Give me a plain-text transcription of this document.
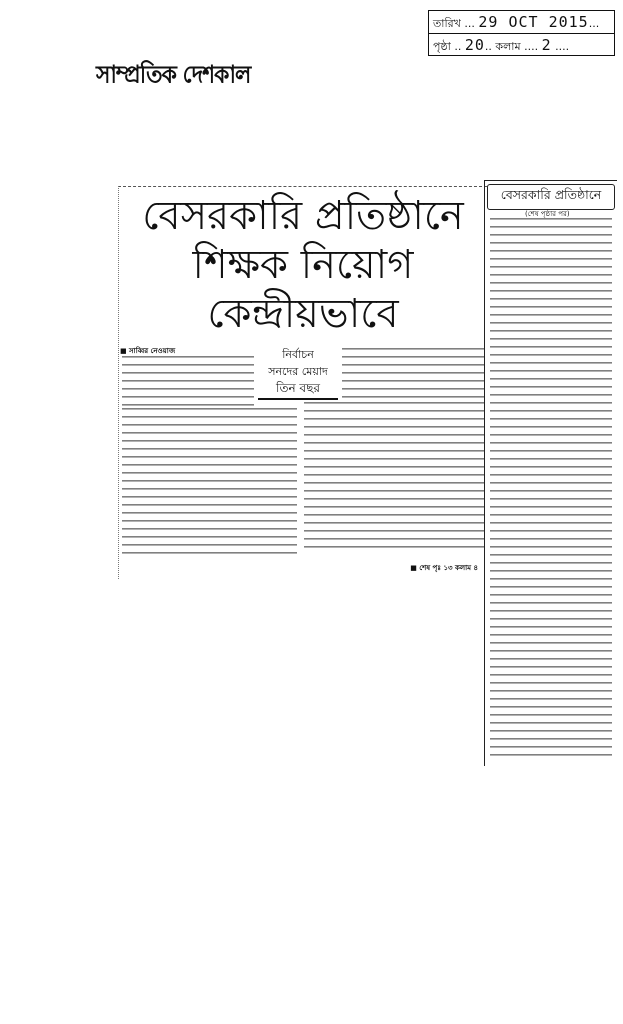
সাম্প্রতিক দেশকাল
তারিখ ... 29 OCT 2015...
পৃষ্ঠা .. 20.. কলাম .... 2 ....
বেসরকারি প্রতিষ্ঠানে
শিক্ষক নিয়োগ
কেন্দ্রীয়ভাবে
■ সাব্বির নেওয়াজ	নির্বাচন
সনদের মেয়াদ
তিন বছর
বেসরকারি প্রতিষ্ঠানে
(শেষ পৃষ্ঠার পর)
■ শেষ পৃঃ ১৩ কলাম ৪
